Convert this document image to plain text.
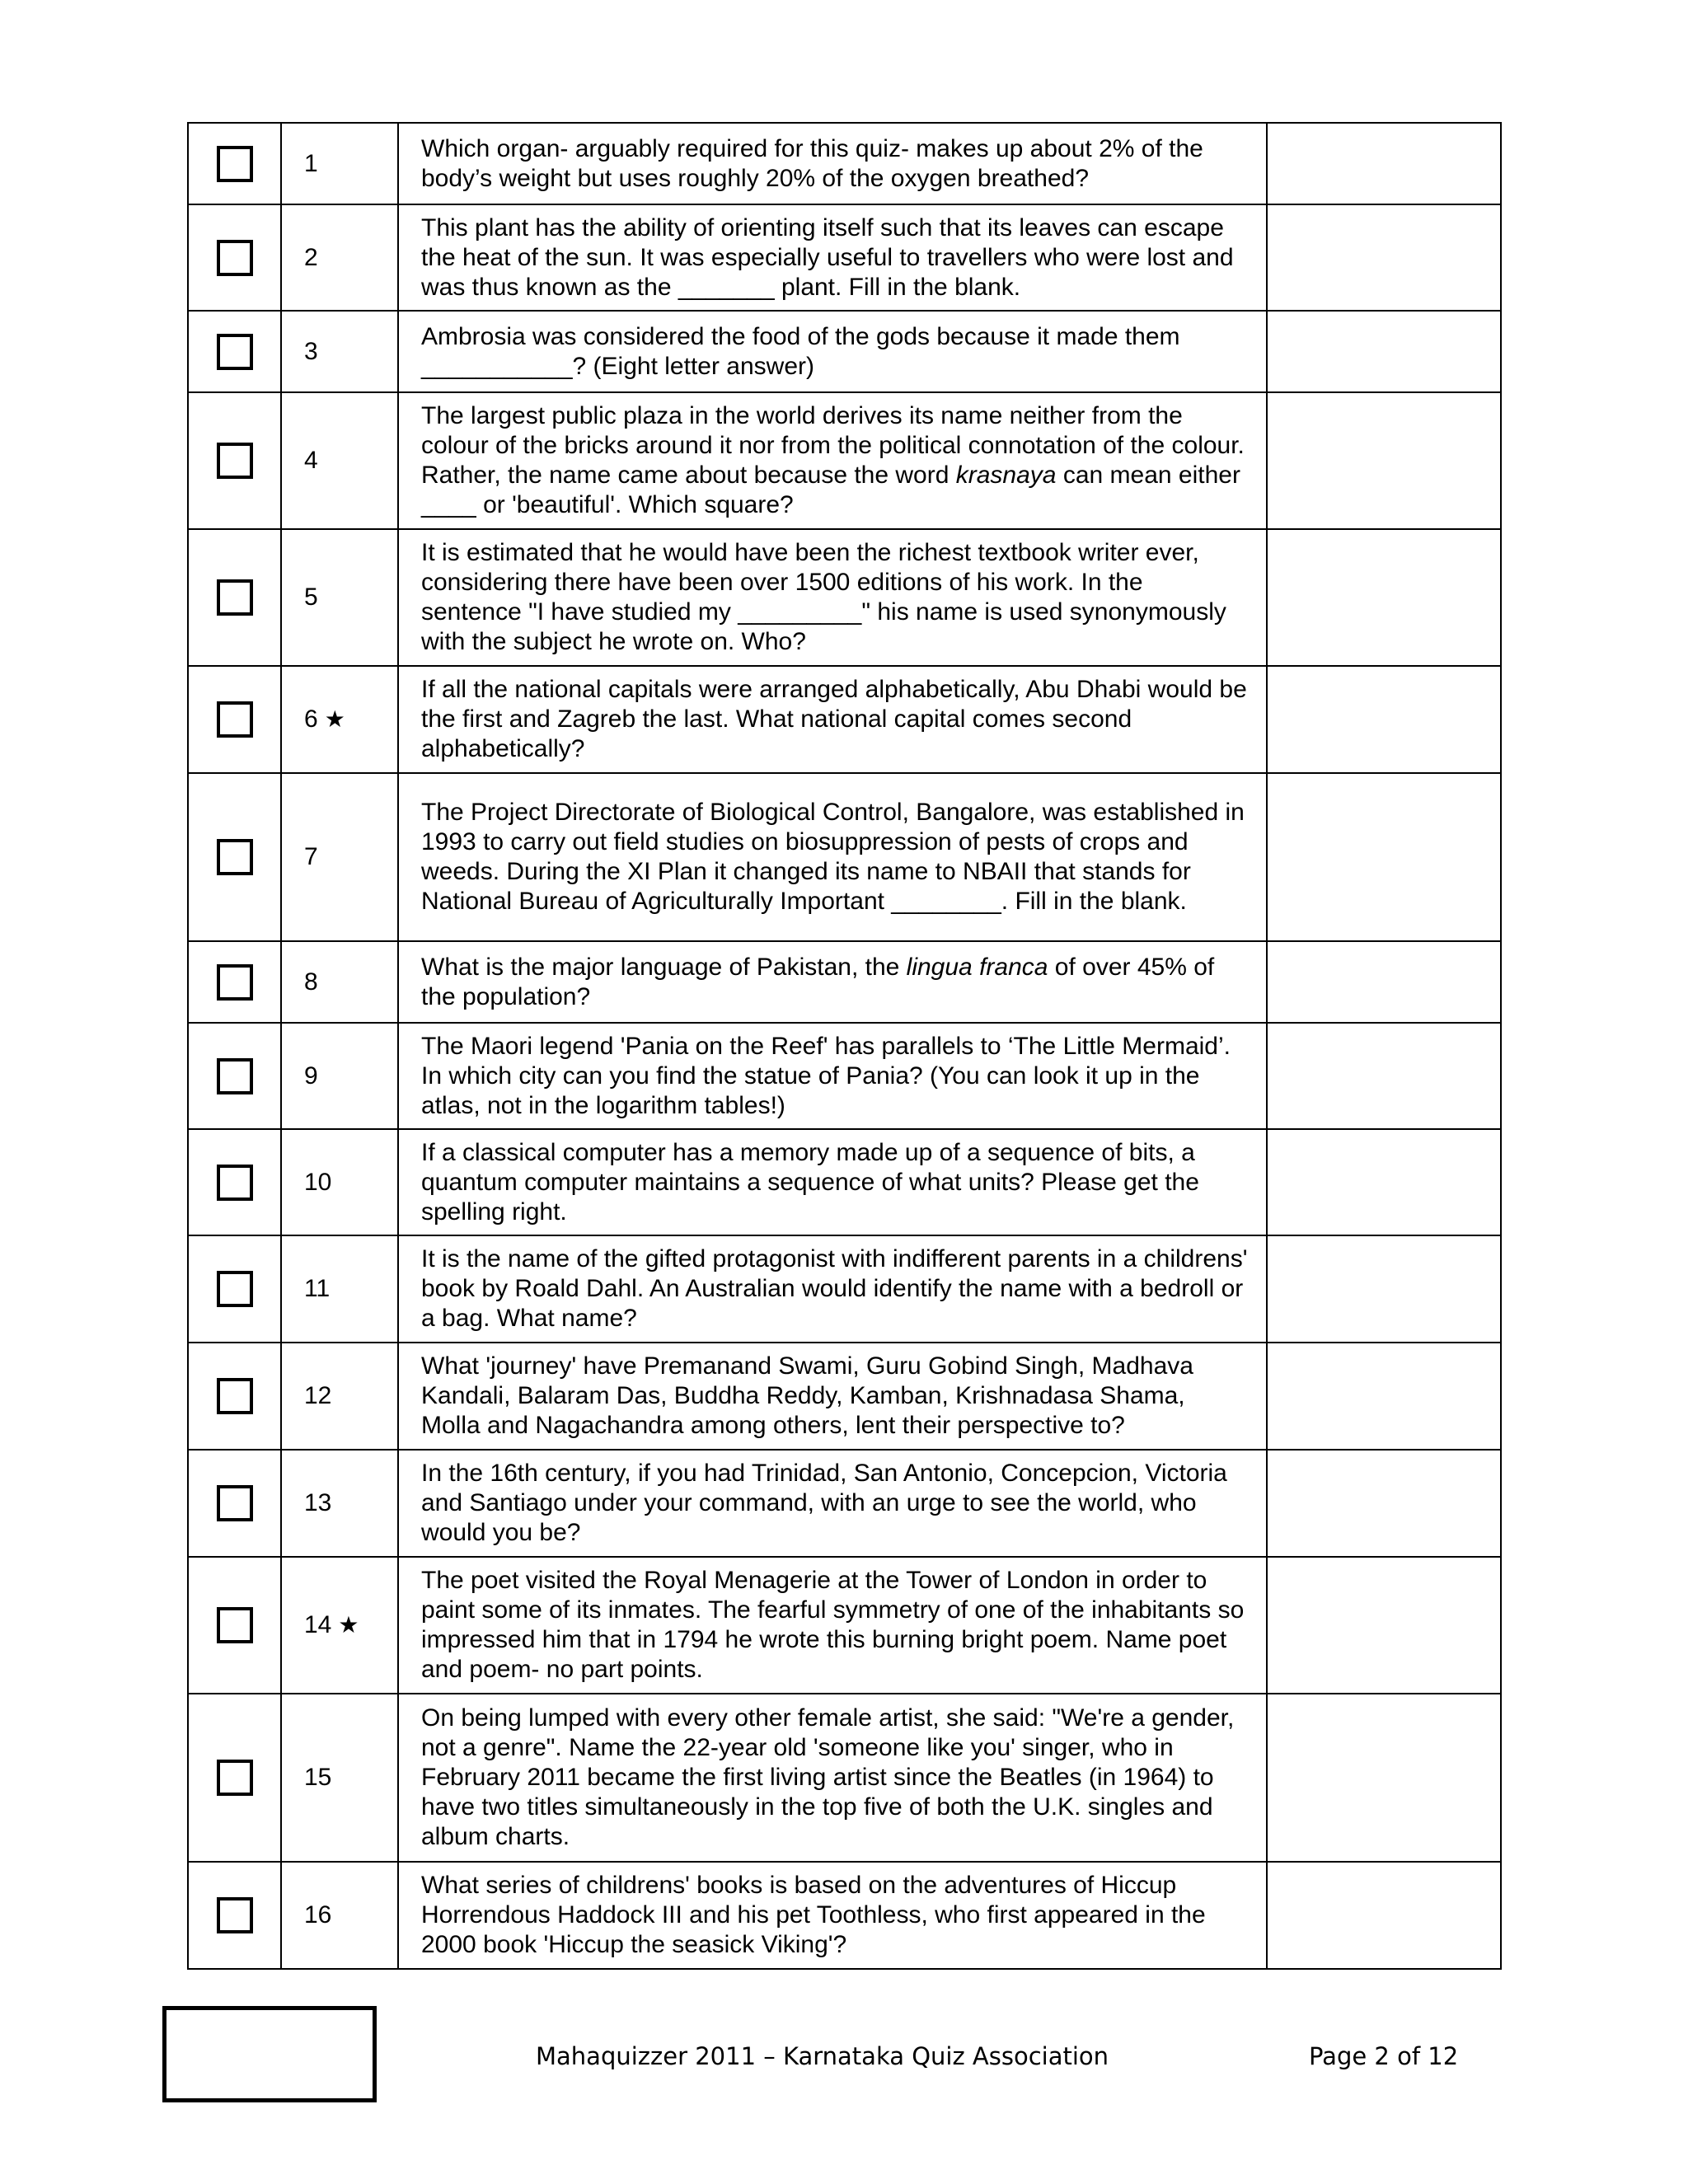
	1	Which organ- arguably required for this quiz- makes up about 2% of the body’s weight but uses roughly 20% of the oxygen breathed?	

	2	This plant has the ability of orienting itself such that its leaves can escape the heat of the sun. It was especially useful to travellers who were lost and was thus known as the _______ plant. Fill in the blank.	

	3	Ambrosia was considered the food of the gods because it made them ___________? (Eight letter answer)	

	4	The largest public plaza in the world derives its name neither from the colour of the bricks around it nor from the political connotation of the colour. Rather, the name came about because the word krasnaya can mean either ____ or 'beautiful'. Which square?	

	5	It is estimated that he would have been the richest textbook writer ever, considering there have been over 1500 editions of his work. In the sentence "I have studied my _________" his name is used synonymously with the subject he wrote on. Who?	

	6 ★	If all the national capitals were arranged alphabetically, Abu Dhabi would be the first and Zagreb the last. What national capital comes second alphabetically?	

	7	The Project Directorate of Biological Control, Bangalore, was established in 1993 to carry out field studies on biosuppression of pests of crops and weeds. During the XI Plan it changed its name to NBAII that stands for National Bureau of Agriculturally Important ________. Fill in the blank.	

	8	What is the major language of Pakistan, the lingua franca of over 45% of the population?	

	9	The Maori legend 'Pania on the Reef' has parallels to ‘The Little Mermaid’. In which city can you find the statue of Pania? (You can look it up in the atlas, not in the logarithm tables!)	

	10	If a classical computer has a memory made up of a sequence of bits, a quantum computer maintains a sequence of what units? Please get the spelling right.	

	11	It is the name of the gifted protagonist with indifferent parents in a childrens' book by Roald Dahl. An Australian would identify the name with a bedroll or a bag. What name?	

	12	What 'journey' have Premanand Swami, Guru Gobind Singh, Madhava Kandali, Balaram Das, Buddha Reddy, Kamban, Krishnadasa Shama, Molla and Nagachandra among others, lent their perspective to?	

	13	In the 16th century, if you had Trinidad, San Antonio, Concepcion, Victoria and Santiago under your command, with an urge to see the world, who would you be?	

	14 ★	The poet visited the Royal Menagerie at the Tower of London in order to paint some of its inmates. The fearful symmetry of one of the inhabitants so impressed him that in 1794 he wrote this burning bright poem. Name poet and poem- no part points.	

	15	On being lumped with every other female artist, she said: "We're a gender, not a genre". Name the 22-year old 'someone like you' singer, who in February 2011 became the first living artist since the Beatles (in 1964) to have two titles simultaneously in the top five of both the U.K. singles and album charts.	

	16	What series of childrens' books is based on the adventures of Hiccup Horrendous Haddock III and his pet Toothless, who first appeared in the 2000 book 'Hiccup the seasick Viking'?	

Mahaquizzer 2011 – Karnataka Quiz Association	Page 2 of 12
